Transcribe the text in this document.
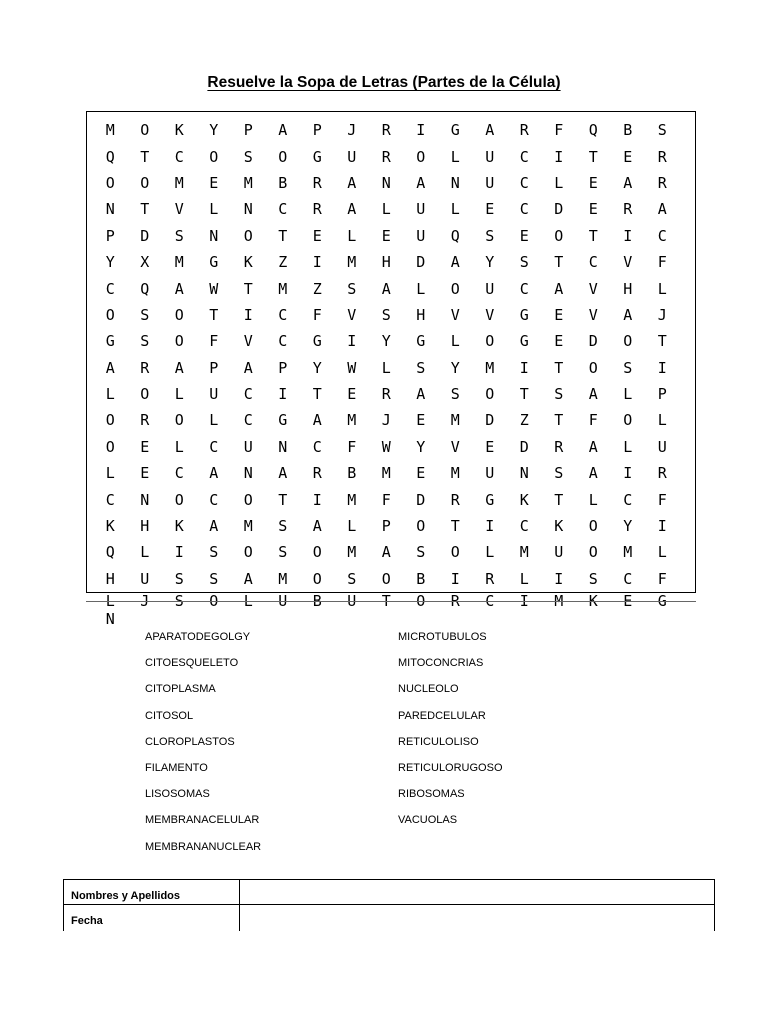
Resuelve la Sopa de Letras (Partes de la Célula)
M	O	K	Y	P	A	P	J	R	I	G	A	R	F	Q	B	S
Q	T	C	O	S	O	G	U	R	O	L	U	C	I	T	E	R
O	O	M	E	M	B	R	A	N	A	N	U	C	L	E	A	R
N	T	V	L	N	C	R	A	L	U	L	E	C	D	E	R	A
P	D	S	N	O	T	E	L	E	U	Q	S	E	O	T	I	C
Y	X	M	G	K	Z	I	M	H	D	A	Y	S	T	C	V	F
C	Q	A	W	T	M	Z	S	A	L	O	U	C	A	V	H	L
O	S	O	T	I	C	F	V	S	H	V	V	G	E	V	A	J
G	S	O	F	V	C	G	I	Y	G	L	O	G	E	D	O	T
A	R	A	P	A	P	Y	W	L	S	Y	M	I	T	O	S	I
L	O	L	U	C	I	T	E	R	A	S	O	T	S	A	L	P
O	R	O	L	C	G	A	M	J	E	M	D	Z	T	F	O	L
O	E	L	C	U	N	C	F	W	Y	V	E	D	R	A	L	U
L	E	C	A	N	A	R	B	M	E	M	U	N	S	A	I	R
C	N	O	C	O	T	I	M	F	D	R	G	K	T	L	C	F
K	H	K	A	M	S	A	L	P	O	T	I	C	K	O	Y	I
Q	L	I	S	O	S	O	M	A	S	O	L	M	U	O	M	L
H	U	S	S	A	M	O	S	O	B	I	R	L	I	S	C	F
L	J	S	O	L	U	B	U	T	O	R	C	I	M	K	E	G
N
APARATODEGOLGY
CITOESQUELETO
CITOPLASMA
CITOSOL
CLOROPLASTOS
FILAMENTO
LISOSOMAS
MEMBRANACELULAR
MEMBRANANUCLEAR
MICROTUBULOS
MITOCONCRIAS
NUCLEOLO
PAREDCELULAR
RETICULOLISO
RETICULORUGOSO
RIBOSOMAS
VACUOLAS
Nombres y Apellidos
Fecha
